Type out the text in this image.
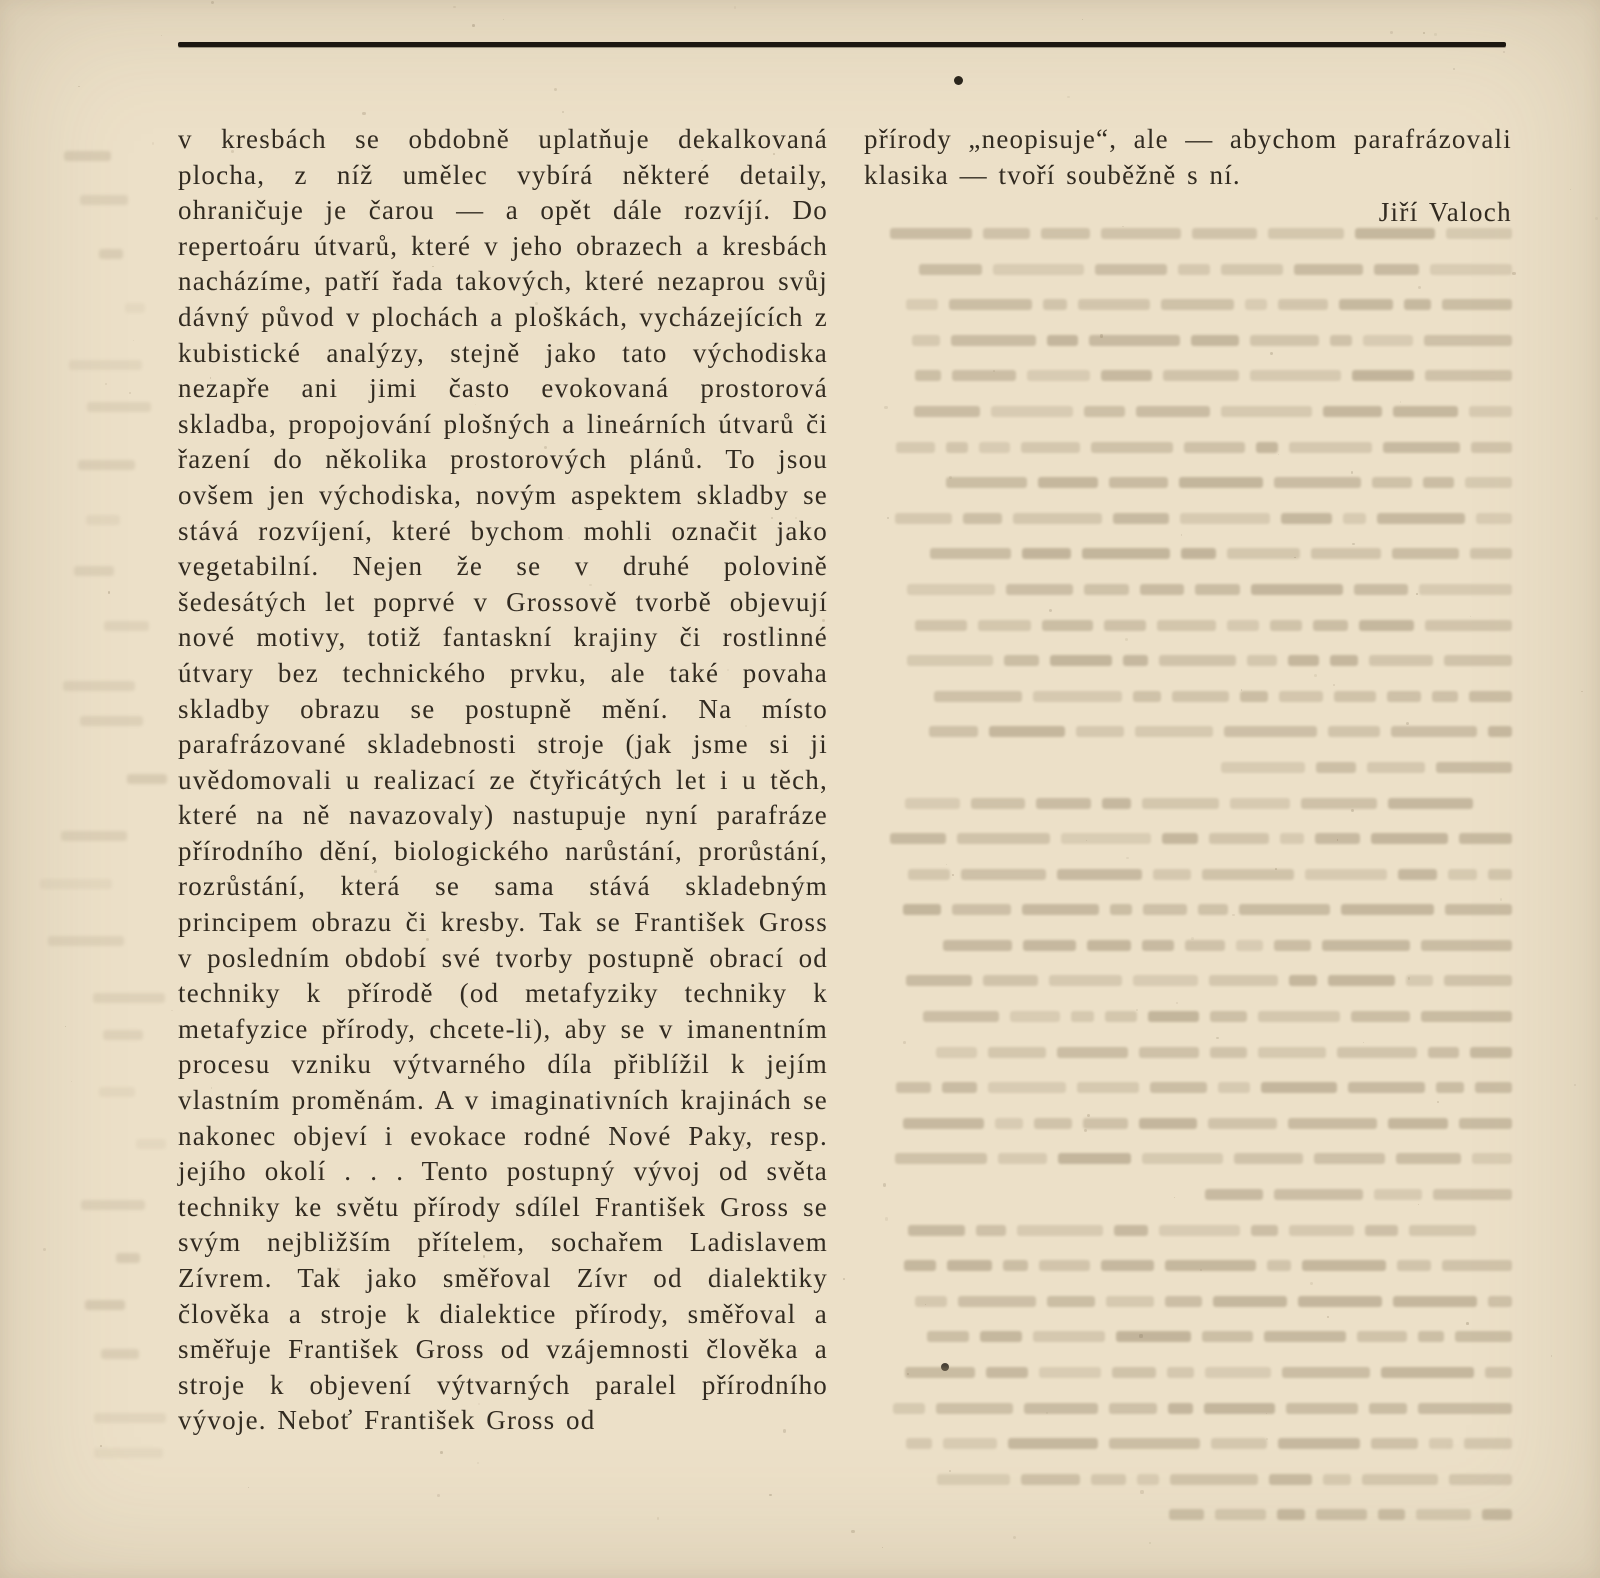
v kresbách se obdobně uplatňuje dekalkovaná plocha, z níž umělec vybírá některé detaily, ohraničuje je čarou — a opět dále rozvíjí. Do repertoáru útvarů, které v jeho obrazech a kresbách nacházíme, patří řada takových, které nezaprou svůj dávný původ v plochách a ploškách, vycházejících z kubistické analýzy, stejně jako tato východiska nezapře ani jimi často evokovaná prostorová skladba, propojování plošných a lineárních útvarů či řazení do několika prostorových plánů. To jsou ovšem jen východiska, novým aspektem skladby se stává rozvíjení, které bychom mohli označit jako vegetabilní. Nejen že se v druhé polovině šedesátých let poprvé v Grossově tvorbě objevují nové motivy, totiž fantaskní krajiny či rostlinné útvary bez technického prvku, ale také povaha skladby obrazu se postupně mění. Na místo parafrázované skladebnosti stroje (jak jsme si ji uvědomovali u realizací ze čtyřicátých let i u těch, které na ně navazovaly) nastupuje nyní parafráze přírodního dění, biologického narůstání, prorůstání, rozrůstání, která se sama stává skladebným principem obrazu či kresby. Tak se František Gross v posledním období své tvorby postupně obrací od techniky k přírodě (od metafyziky techniky k metafyzice přírody, chcete-li), aby se v imanentním procesu vzniku výtvarného díla přiblížil k jejím vlastním proměnám. A v imaginativních krajinách se nakonec objeví i evokace rodné Nové Paky, resp. jejího okolí . . . Tento postupný vývoj od světa techniky ke světu přírody sdílel František Gross se svým nejbližším přítelem, sochařem Ladislavem Zívrem. Tak jako směřoval Zívr od dialektiky člověka a stroje k dialektice přírody, směřoval a směřuje František Gross od vzájemnosti člověka a stroje k objevení výtvarných paralel přírodního vývoje. Neboť František Gross od

přírody „neopisuje“, ale — abychom parafrázovali klasika — tvoří souběžně s ní.

Jiří Valoch
